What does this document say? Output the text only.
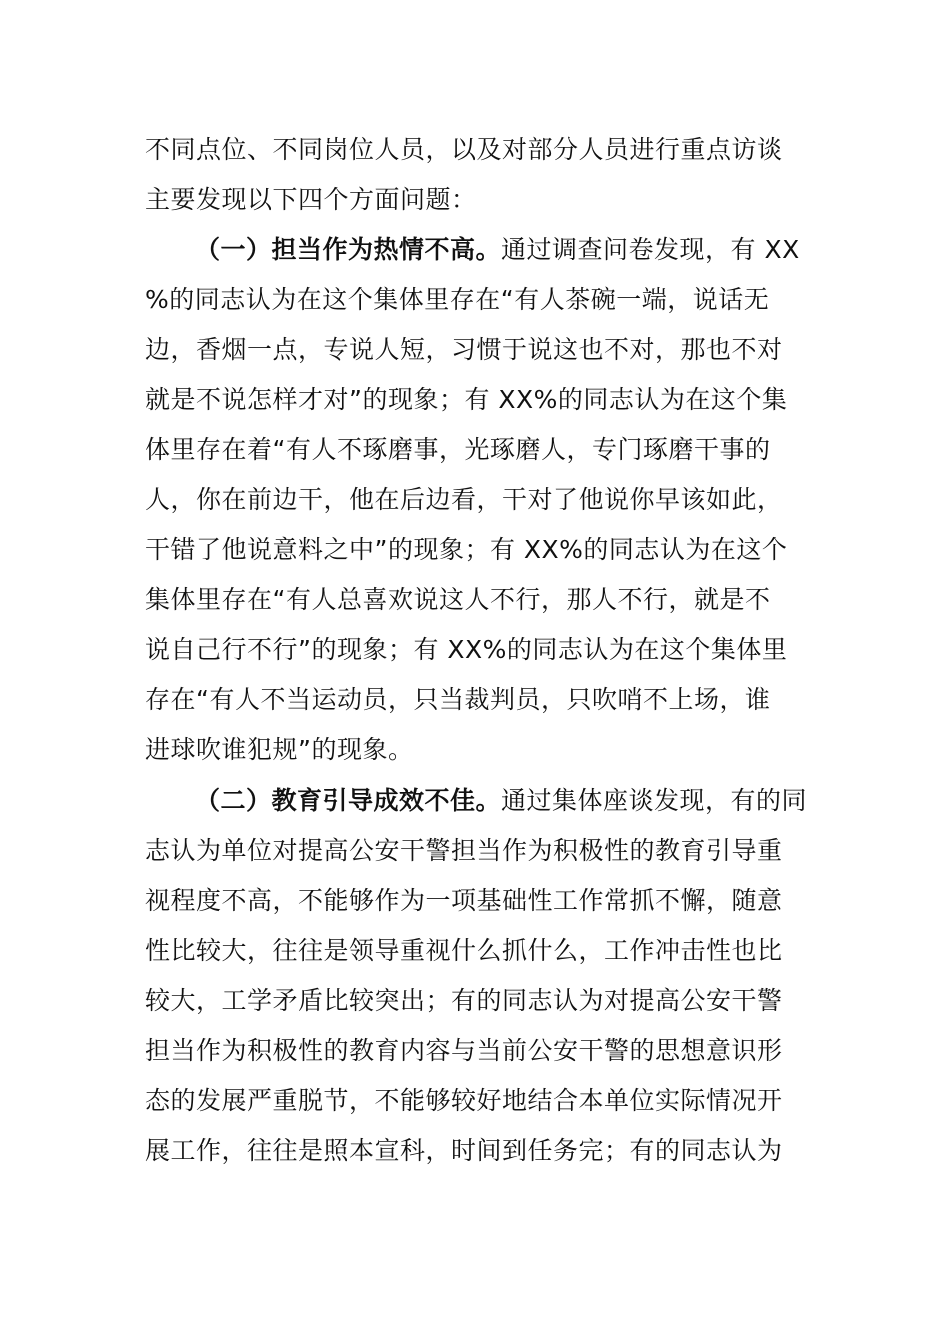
不同点位、不同岗位人员，以及对部分人员进行重点访谈
主要发现以下四个方面问题：
（一）担当作为热情不高。通过调查问卷发现，有 XX
%的同志认为在这个集体里存在“有人茶碗一端，说话无
边，香烟一点，专说人短，习惯于说这也不对，那也不对
就是不说怎样才对”的现象；有 XX%的同志认为在这个集
体里存在着“有人不琢磨事，光琢磨人，专门琢磨干事的
人，你在前边干，他在后边看，干对了他说你早该如此，
干错了他说意料之中”的现象；有 XX%的同志认为在这个
集体里存在“有人总喜欢说这人不行，那人不行，就是不
说自己行不行”的现象；有 XX%的同志认为在这个集体里
存在“有人不当运动员，只当裁判员，只吹哨不上场，谁
进球吹谁犯规”的现象。
（二）教育引导成效不佳。通过集体座谈发现，有的同
志认为单位对提高公安干警担当作为积极性的教育引导重
视程度不高，不能够作为一项基础性工作常抓不懈，随意
性比较大，往往是领导重视什么抓什么，工作冲击性也比
较大，工学矛盾比较突出；有的同志认为对提高公安干警
担当作为积极性的教育内容与当前公安干警的思想意识形
态的发展严重脱节，不能够较好地结合本单位实际情况开
展工作，往往是照本宣科，时间到任务完；有的同志认为
